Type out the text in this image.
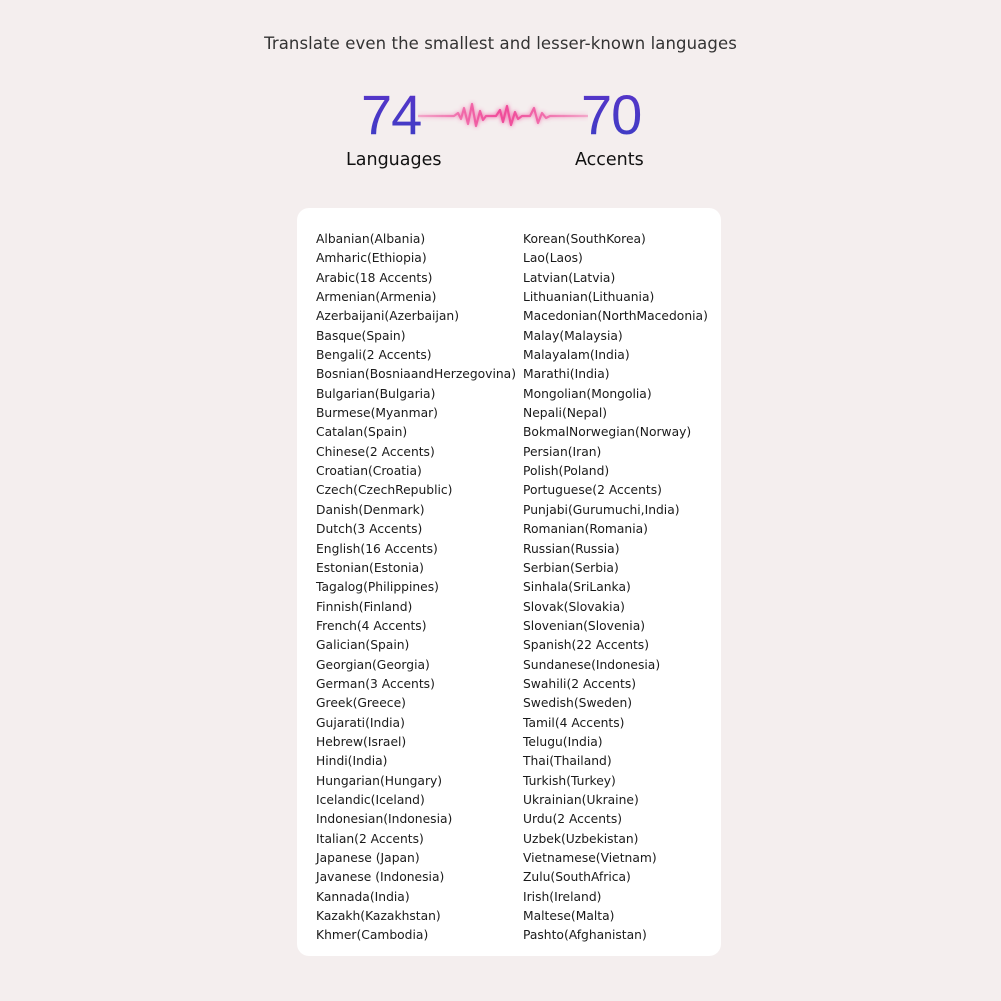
Translate even the smallest and lesser-known languages
74	70
Languages	Accents
Albanian(Albania)
Amharic(Ethiopia)
Arabic(18 Accents)
Armenian(Armenia)
Azerbaijani(Azerbaijan)
Basque(Spain)
Bengali(2 Accents)
Bosnian(BosniaandHerzegovina)
Bulgarian(Bulgaria)
Burmese(Myanmar)
Catalan(Spain)
Chinese(2 Accents)
Croatian(Croatia)
Czech(CzechRepublic)
Danish(Denmark)
Dutch(3 Accents)
English(16 Accents)
Estonian(Estonia)
Tagalog(Philippines)
Finnish(Finland)
French(4 Accents)
Galician(Spain)
Georgian(Georgia)
German(3 Accents)
Greek(Greece)
Gujarati(India)
Hebrew(Israel)
Hindi(India)
Hungarian(Hungary)
Icelandic(Iceland)
Indonesian(Indonesia)
Italian(2 Accents)
Japanese (Japan)
Javanese (Indonesia)
Kannada(India)
Kazakh(Kazakhstan)
Khmer(Cambodia)
Korean(SouthKorea)
Lao(Laos)
Latvian(Latvia)
Lithuanian(Lithuania)
Macedonian(NorthMacedonia)
Malay(Malaysia)
Malayalam(India)
Marathi(India)
Mongolian(Mongolia)
Nepali(Nepal)
BokmalNorwegian(Norway)
Persian(Iran)
Polish(Poland)
Portuguese(2 Accents)
Punjabi(Gurumuchi,India)
Romanian(Romania)
Russian(Russia)
Serbian(Serbia)
Sinhala(SriLanka)
Slovak(Slovakia)
Slovenian(Slovenia)
Spanish(22 Accents)
Sundanese(Indonesia)
Swahili(2 Accents)
Swedish(Sweden)
Tamil(4 Accents)
Telugu(India)
Thai(Thailand)
Turkish(Turkey)
Ukrainian(Ukraine)
Urdu(2 Accents)
Uzbek(Uzbekistan)
Vietnamese(Vietnam)
Zulu(SouthAfrica)
Irish(Ireland)
Maltese(Malta)
Pashto(Afghanistan)
